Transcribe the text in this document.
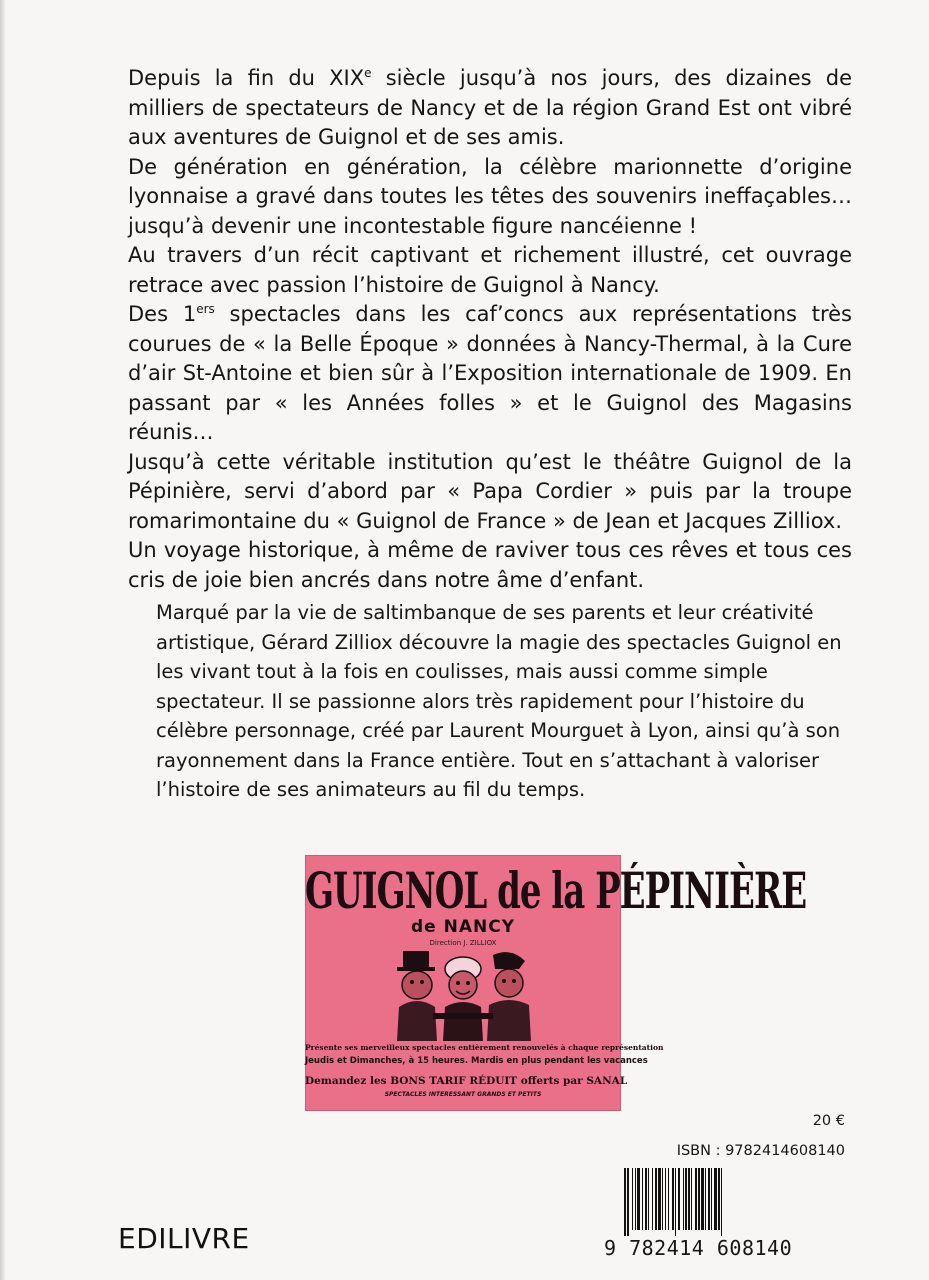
Depuis la fin du XIXe siècle jusqu’à nos jours, des dizaines de milliers de spectateurs de Nancy et de la région Grand Est ont vibré aux aventures de Guignol et de ses amis.

De génération en génération, la célèbre marionnette d’origine lyonnaise a gravé dans toutes les têtes des souvenirs ineffaçables… jusqu’à devenir une incontestable figure nancéienne !

Au travers d’un récit captivant et richement illustré, cet ouvrage retrace avec passion l’histoire de Guignol à Nancy.

Des 1ers spectacles dans les caf’concs aux représentations très courues de « la Belle Époque » données à Nancy-Thermal, à la Cure d’air St-Antoine et bien sûr à l’Exposition internationale de 1909. En passant par « les Années folles » et le Guignol des Magasins réunis…

Jusqu’à cette véritable institution qu’est le théâtre Guignol de la Pépinière, servi d’abord par « Papa Cordier » puis par la troupe romarimontaine du « Guignol de France » de Jean et Jacques Zilliox.

Un voyage historique, à même de raviver tous ces rêves et tous ces cris de joie bien ancrés dans notre âme d’enfant.

Marqué par la vie de saltimbanque de ses parents et leur créativité artistique, Gérard Zilliox découvre la magie des spectacles Guignol en les vivant tout à la fois en coulisses, mais aussi comme simple spectateur. Il se passionne alors très rapidement pour l’histoire du célèbre personnage, créé par Laurent Mourguet à Lyon, ainsi qu’à son rayonnement dans la France entière. Tout en s’attachant à valoriser l’histoire de ses animateurs au fil du temps.

GUIGNOL de la PÉPINIÈRE
de NANCY
Direction J. ZILLIOX
Présente ses merveilleux spectacles entièrement renouvelés à chaque représentation
Jeudis et Dimanches, à 15 heures. Mardis en plus pendant les vacances
Demandez les BONS TARIF RÉDUIT offerts par SANAL
SPECTACLES INTERESSANT GRANDS ET PETITS
20 €
ISBN : 9782414608140
9 782414 608140
EDILIVRE
